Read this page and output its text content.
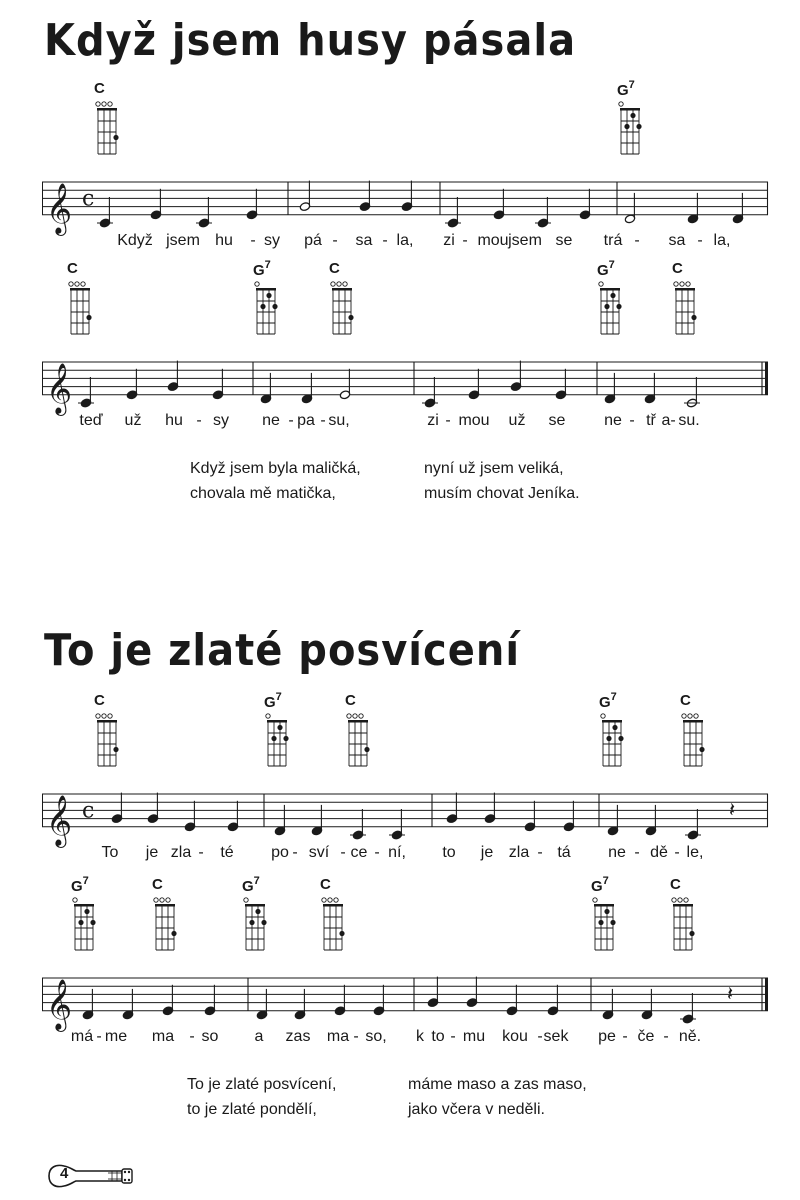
Když jsem husy pásala
C	$G^7$
𝄞 c
Když jsem hu - sy pá - sa - la, zi - mou jsem se trá - sa - la,
C	$G^7$	C	$G^7$	C
𝄞
teď už hu - sy ne - pa - su,	zi - mou už se ne - tř a - su.
Když jsem byla maličká,
chovala mě matička,
nyní už jsem veliká,
musím chovat Jeníka.
To je zlaté posvícení
C	$G^7$	C	$G^7$	C
𝄞 c	𝄽
To je zla - té po - sví - ce - ní, to je zla - tá ne - dě - le,
$G^7$	C	$G^7$	C	$G^7$	C
𝄞	𝄽
má - me ma - so a zas ma - so, k to - mu kou - sek pe - če - ně.
To je zlaté posvícení,
to je zlaté pondělí,
máme maso a zas maso,
jako včera v neděli.
4
